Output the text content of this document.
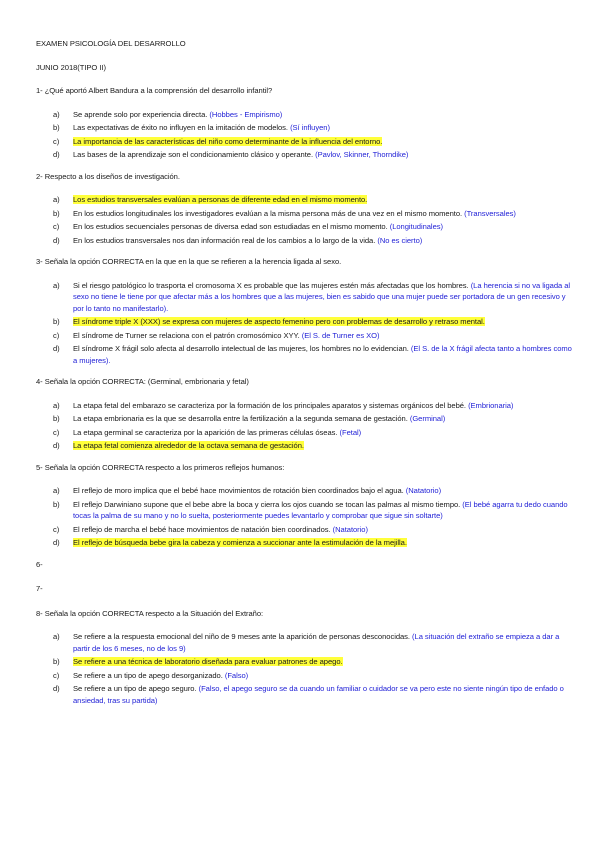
EXAMEN PSICOLOGÍA DEL DESARROLLO
JUNIO 2018(TIPO II)
1- ¿Qué aportó Albert Bandura a la comprensión del desarrollo infantil?
a)	Se aprende solo por experiencia directa. (Hobbes - Empirismo)
b)	Las expectativas de éxito no influyen en la imitación de modelos. (Sí influyen)
c)	La importancia de las características del niño como determinante de la influencia del entorno.
d)	Las bases de la aprendizaje son el condicionamiento clásico y operante. (Pavlov, Skinner, Thorndike)
2- Respecto a los diseños de investigación.
a)	Los estudios transversales evalúan a personas de diferente edad en el mismo momento.
b)	En los estudios longitudinales los investigadores evalúan a la misma persona más de una vez en el mismo momento. (Transversales)
c)	En los estudios secuenciales personas de diversa edad son estudiadas en el mismo momento. (Longitudinales)
d)	En los estudios transversales nos dan información real de los cambios a lo largo de la vida. (No es cierto)
3- Señala la opción CORRECTA en la que en la que se refieren a la herencia ligada al sexo.
a)	Si el riesgo patológico lo trasporta el cromosoma X es probable que las mujeres estén más afectadas que los hombres. (La herencia si no va ligada al sexo no tiene le tiene por que afectar más a los hombres que a las mujeres, bien es sabido que una mujer puede ser portadora de un gen recesivo y por lo tanto no manifestarlo).
b)	El síndrome triple X (XXX) se expresa con mujeres de aspecto femenino pero con problemas de desarrollo y retraso mental.
c)	El síndrome de Turner se relaciona con el patrón cromosómico XYY. (El S. de Turner es XO)
d)	El síndrome X frágil solo afecta al desarrollo intelectual de las mujeres, los hombres no lo evidencian. (El S. de la X frágil afecta tanto a hombres como a mujeres).
4- Señala la opción CORRECTA: (Germinal, embrionaria y fetal)
a)	La etapa fetal del embarazo se caracteriza por la formación de los principales aparatos y sistemas orgánicos del bebé. (Embrionaria)
b)	La etapa embrionaria es la que se desarrolla entre la fertilización a la segunda semana de gestación. (Germinal)
c)	La etapa germinal se caracteriza por la aparición de las primeras células óseas. (Fetal)
d)	La etapa fetal comienza alrededor de la octava semana de gestación.
5- Señala la opción CORRECTA respecto a los primeros reflejos humanos:
a)	El reflejo de moro implica que el bebé hace movimientos de rotación bien coordinados bajo el agua. (Natatorio)
b)	El reflejo Darwiniano supone que el bebe abre la boca y cierra los ojos cuando se tocan las palmas al mismo tiempo. (El bebé agarra tu dedo cuando tocas la palma de su mano y no lo suelta, posteriormente puedes levantarlo y comprobar que sigue sin soltarte)
c)	El reflejo de marcha el bebé hace movimientos de natación bien coordinados. (Natatorio)
d)	El reflejo de búsqueda bebe gira la cabeza y comienza a succionar ante la estimulación de la mejilla.
6-
7-
8- Señala la opción CORRECTA respecto a la Situación del Extraño:
a)	Se refiere a la respuesta emocional del niño de 9 meses ante la aparición de personas desconocidas. (La situación del extraño se empieza a dar a partir de los 6 meses, no de los 9)
b)	Se refiere a una técnica de laboratorio diseñada para evaluar patrones de apego.
c)	Se refiere a un tipo de apego desorganizado. (Falso)
d)	Se refiere a un tipo de apego seguro. (Falso, el apego seguro se da cuando un familiar o cuidador se va pero este no siente ningún tipo de enfado o ansiedad, tras su partida)
